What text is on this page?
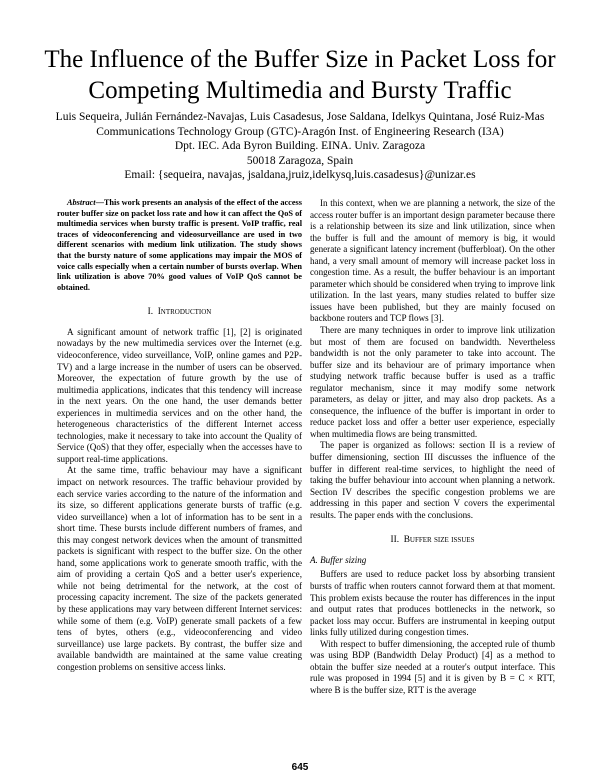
The Influence of the Buffer Size in Packet Loss for
Competing Multimedia and Bursty Traffic
Luis Sequeira, Julián Fernández-Navajas, Luis Casadesus, Jose Saldana, Idelkys Quintana, José Ruiz-Mas
Communications Technology Group (GTC)-Aragón Inst. of Engineering Research (I3A)
Dpt. IEC. Ada Byron Building. EINA. Univ. Zaragoza
50018 Zaragoza, Spain
Email: {sequeira, navajas, jsaldana,jruiz,idelkysq,luis.casadesus}@unizar.es

Abstract—This work presents an analysis of the effect of the access router buffer size on packet loss rate and how it can affect the QoS of multimedia services when bursty traffic is present. VoIP traffic, real traces of videoconferencing and videosurveillance are used in two different scenarios with medium link utilization. The study shows that the bursty nature of some applications may impair the MOS of voice calls especially when a certain number of bursts overlap. When link utilization is above 70% good values of VoIP QoS cannot be obtained.

I. Introduction

A significant amount of network traffic [1], [2] is originated nowadays by the new multimedia services over the Internet (e.g. videoconference, video surveillance, VoIP, online games and P2P-TV) and a large increase in the number of users can be observed. Moreover, the expectation of future growth by the use of multimedia applications, indicates that this tendency will increase in the next years. On the one hand, the user demands better experiences in multimedia services and on the other hand, the heterogeneous characteristics of the different Internet access technologies, make it necessary to take into account the Quality of Service (QoS) that they offer, especially when the accesses have to support real-time applications.

At the same time, traffic behaviour may have a significant impact on network resources. The traffic behaviour provided by each service varies according to the nature of the information and its size, so different applications generate bursts of traffic (e.g. video surveillance) when a lot of information has to be sent in a short time. These bursts include different numbers of frames, and this may congest network devices when the amount of transmitted packets is significant with respect to the buffer size. On the other hand, some applications work to generate smooth traffic, with the aim of providing a certain QoS and a better user's experience, while not being detrimental for the network, at the cost of processing capacity increment. The size of the packets generated by these applications may vary between different Internet services: while some of them (e.g. VoIP) generate small packets of a few tens of bytes, others (e.g., videoconferencing and video surveillance) use large packets. By contrast, the buffer size and available bandwidth are maintained at the same value creating congestion problems on sensitive access links.

In this context, when we are planning a network, the size of the access router buffer is an important design parameter because there is a relationship between its size and link utilization, since when the buffer is full and the amount of memory is big, it would generate a significant latency increment (bufferbloat). On the other hand, a very small amount of memory will increase packet loss in congestion time. As a result, the buffer behaviour is an important parameter which should be considered when trying to improve link utilization. In the last years, many studies related to buffer size issues have been published, but they are mainly focused on backbone routers and TCP flows [3].

There are many techniques in order to improve link utilization but most of them are focused on bandwidth. Nevertheless bandwidth is not the only parameter to take into account. The buffer size and its behaviour are of primary importance when studying network traffic because buffer is used as a traffic regulator mechanism, since it may modify some network parameters, as delay or jitter, and may also drop packets. As a consequence, the influence of the buffer is important in order to reduce packet loss and offer a better user experience, especially when multimedia flows are being transmitted.

The paper is organized as follows: section II is a review of buffer dimensioning, section III discusses the influence of the buffer in different real-time services, to highlight the need of taking the buffer behaviour into account when planning a network. Section IV describes the specific congestion problems we are addressing in this paper and section V covers the experimental results. The paper ends with the conclusions.

II. Buffer size issues
A. Buffer sizing

Buffers are used to reduce packet loss by absorbing transient bursts of traffic when routers cannot forward them at that moment. This problem exists because the router has differences in the input and output rates that produces bottlenecks in the network, so packet loss may occur. Buffers are instrumental in keeping output links fully utilized during congestion times.

With respect to buffer dimensioning, the accepted rule of thumb was using BDP (Bandwidth Delay Product) [4] as a method to obtain the buffer size needed at a router's output interface. This rule was proposed in 1994 [5] and it is given by B = C × RTT, where B is the buffer size, RTT is the average

645
